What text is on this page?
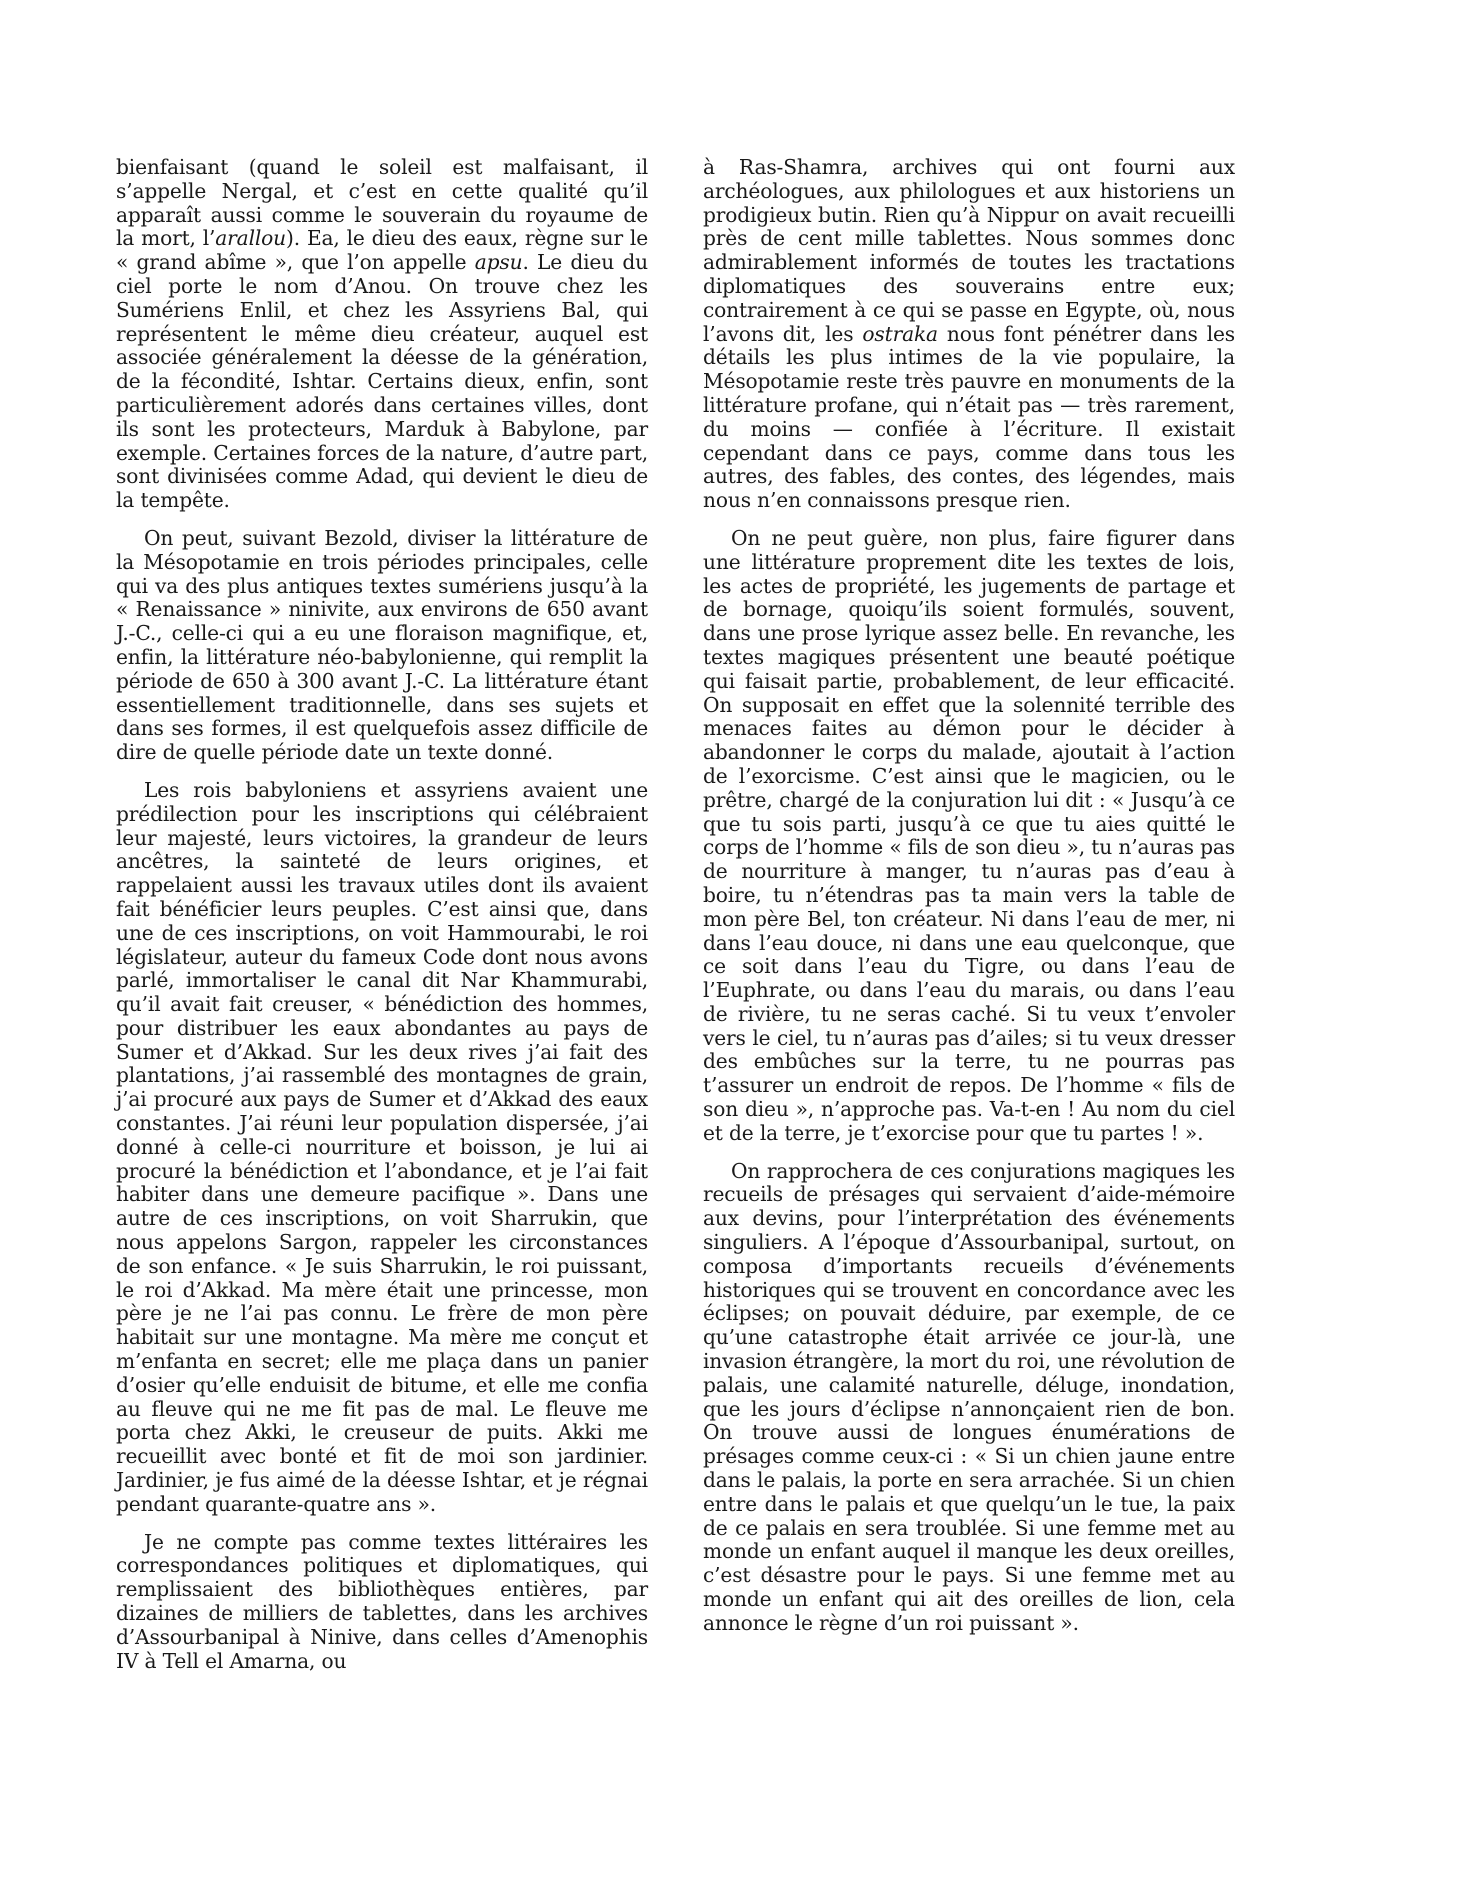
bienfaisant (quand le soleil est malfaisant, il s’appelle Nergal, et c’est en cette qualité qu’il apparaît aussi comme le souverain du royaume de la mort, l’arallou). Ea, le dieu des eaux, règne sur le « grand abîme », que l’on appelle apsu. Le dieu du ciel porte le nom d’Anou. On trouve chez les Sumériens Enlil, et chez les Assyriens Bal, qui représentent le même dieu créateur, auquel est associée généralement la déesse de la génération, de la fécondité, Ishtar. Certains dieux, enfin, sont particulièrement adorés dans certaines villes, dont ils sont les protecteurs, Marduk à Babylone, par exemple. Certaines forces de la nature, d’autre part, sont divinisées comme Adad, qui devient le dieu de la tempête.

On peut, suivant Bezold, diviser la littérature de la Mésopotamie en trois périodes principales, celle qui va des plus antiques textes sumériens jusqu’à la « Renaissance » ninivite, aux environs de 650 avant J.-C., celle-ci qui a eu une floraison magnifique, et, enfin, la littérature néo-babylonienne, qui remplit la période de 650 à 300 avant J.-C. La littérature étant essentiellement traditionnelle, dans ses sujets et dans ses formes, il est quelquefois assez difficile de dire de quelle période date un texte donné.

Les rois babyloniens et assyriens avaient une prédilection pour les inscriptions qui célébraient leur majesté, leurs victoires, la grandeur de leurs ancêtres, la sainteté de leurs origines, et rappelaient aussi les travaux utiles dont ils avaient fait bénéficier leurs peuples. C’est ainsi que, dans une de ces inscriptions, on voit Hammourabi, le roi législateur, auteur du fameux Code dont nous avons parlé, immortaliser le canal dit Nar Khammurabi, qu’il avait fait creuser, « bénédiction des hommes, pour distribuer les eaux abondantes au pays de Sumer et d’Akkad. Sur les deux rives j’ai fait des plantations, j’ai rassemblé des montagnes de grain, j’ai procuré aux pays de Sumer et d’Akkad des eaux constantes. J’ai réuni leur population dispersée, j’ai donné à celle-ci nourriture et boisson, je lui ai procuré la bénédiction et l’abondance, et je l’ai fait habiter dans une demeure pacifique ». Dans une autre de ces inscriptions, on voit Sharrukin, que nous appelons Sargon, rappeler les circonstances de son enfance. « Je suis Sharrukin, le roi puissant, le roi d’Akkad. Ma mère était une princesse, mon père je ne l’ai pas connu. Le frère de mon père habitait sur une montagne. Ma mère me conçut et m’enfanta en secret; elle me plaça dans un panier d’osier qu’elle enduisit de bitume, et elle me confia au fleuve qui ne me fit pas de mal. Le fleuve me porta chez Akki, le creuseur de puits. Akki me recueillit avec bonté et fit de moi son jardinier. Jardinier, je fus aimé de la déesse Ishtar, et je régnai pendant quarante-quatre ans ».

Je ne compte pas comme textes littéraires les correspondances politiques et diplomatiques, qui remplissaient des bibliothèques entières, par dizaines de milliers de tablettes, dans les archives d’Assourbanipal à Ninive, dans celles d’Amenophis IV à Tell el Amarna, ou

à Ras-Shamra, archives qui ont fourni aux archéologues, aux philologues et aux historiens un prodigieux butin. Rien qu’à Nippur on avait recueilli près de cent mille tablettes. Nous sommes donc admirablement informés de toutes les tractations diplomatiques des souverains entre eux; contrairement à ce qui se passe en Egypte, où, nous l’avons dit, les ostraka nous font pénétrer dans les détails les plus intimes de la vie populaire, la Mésopotamie reste très pauvre en monuments de la littérature profane, qui n’était pas — très rarement, du moins — confiée à l’écriture. Il existait cependant dans ce pays, comme dans tous les autres, des fables, des contes, des légendes, mais nous n’en connaissons presque rien.

On ne peut guère, non plus, faire figurer dans une littérature proprement dite les textes de lois, les actes de propriété, les jugements de partage et de bornage, quoiqu’ils soient formulés, souvent, dans une prose lyrique assez belle. En revanche, les textes magiques présentent une beauté poétique qui faisait partie, probablement, de leur efficacité. On supposait en effet que la solennité terrible des menaces faites au démon pour le décider à abandonner le corps du malade, ajoutait à l’action de l’exorcisme. C’est ainsi que le magicien, ou le prêtre, chargé de la conjuration lui dit : « Jusqu’à ce que tu sois parti, jusqu’à ce que tu aies quitté le corps de l’homme « fils de son dieu », tu n’auras pas de nourriture à manger, tu n’auras pas d’eau à boire, tu n’étendras pas ta main vers la table de mon père Bel, ton créateur. Ni dans l’eau de mer, ni dans l’eau douce, ni dans une eau quelconque, que ce soit dans l’eau du Tigre, ou dans l’eau de l’Euphrate, ou dans l’eau du marais, ou dans l’eau de rivière, tu ne seras caché. Si tu veux t’envoler vers le ciel, tu n’auras pas d’ailes; si tu veux dresser des embûches sur la terre, tu ne pourras pas t’assurer un endroit de repos. De l’homme « fils de son dieu », n’approche pas. Va-t-en ! Au nom du ciel et de la terre, je t’exorcise pour que tu partes ! ».

On rapprochera de ces conjurations magiques les recueils de présages qui servaient d’aide-mémoire aux devins, pour l’interprétation des événements singuliers. A l’époque d’Assourbanipal, surtout, on composa d’importants recueils d’événements historiques qui se trouvent en concordance avec les éclipses; on pouvait déduire, par exemple, de ce qu’une catastrophe était arrivée ce jour-là, une invasion étrangère, la mort du roi, une révolution de palais, une calamité naturelle, déluge, inondation, que les jours d’éclipse n’annonçaient rien de bon. On trouve aussi de longues énumérations de présages comme ceux-ci : « Si un chien jaune entre dans le palais, la porte en sera arrachée. Si un chien entre dans le palais et que quelqu’un le tue, la paix de ce palais en sera troublée. Si une femme met au monde un enfant auquel il manque les deux oreilles, c’est désastre pour le pays. Si une femme met au monde un enfant qui ait des oreilles de lion, cela annonce le règne d’un roi puissant ».
